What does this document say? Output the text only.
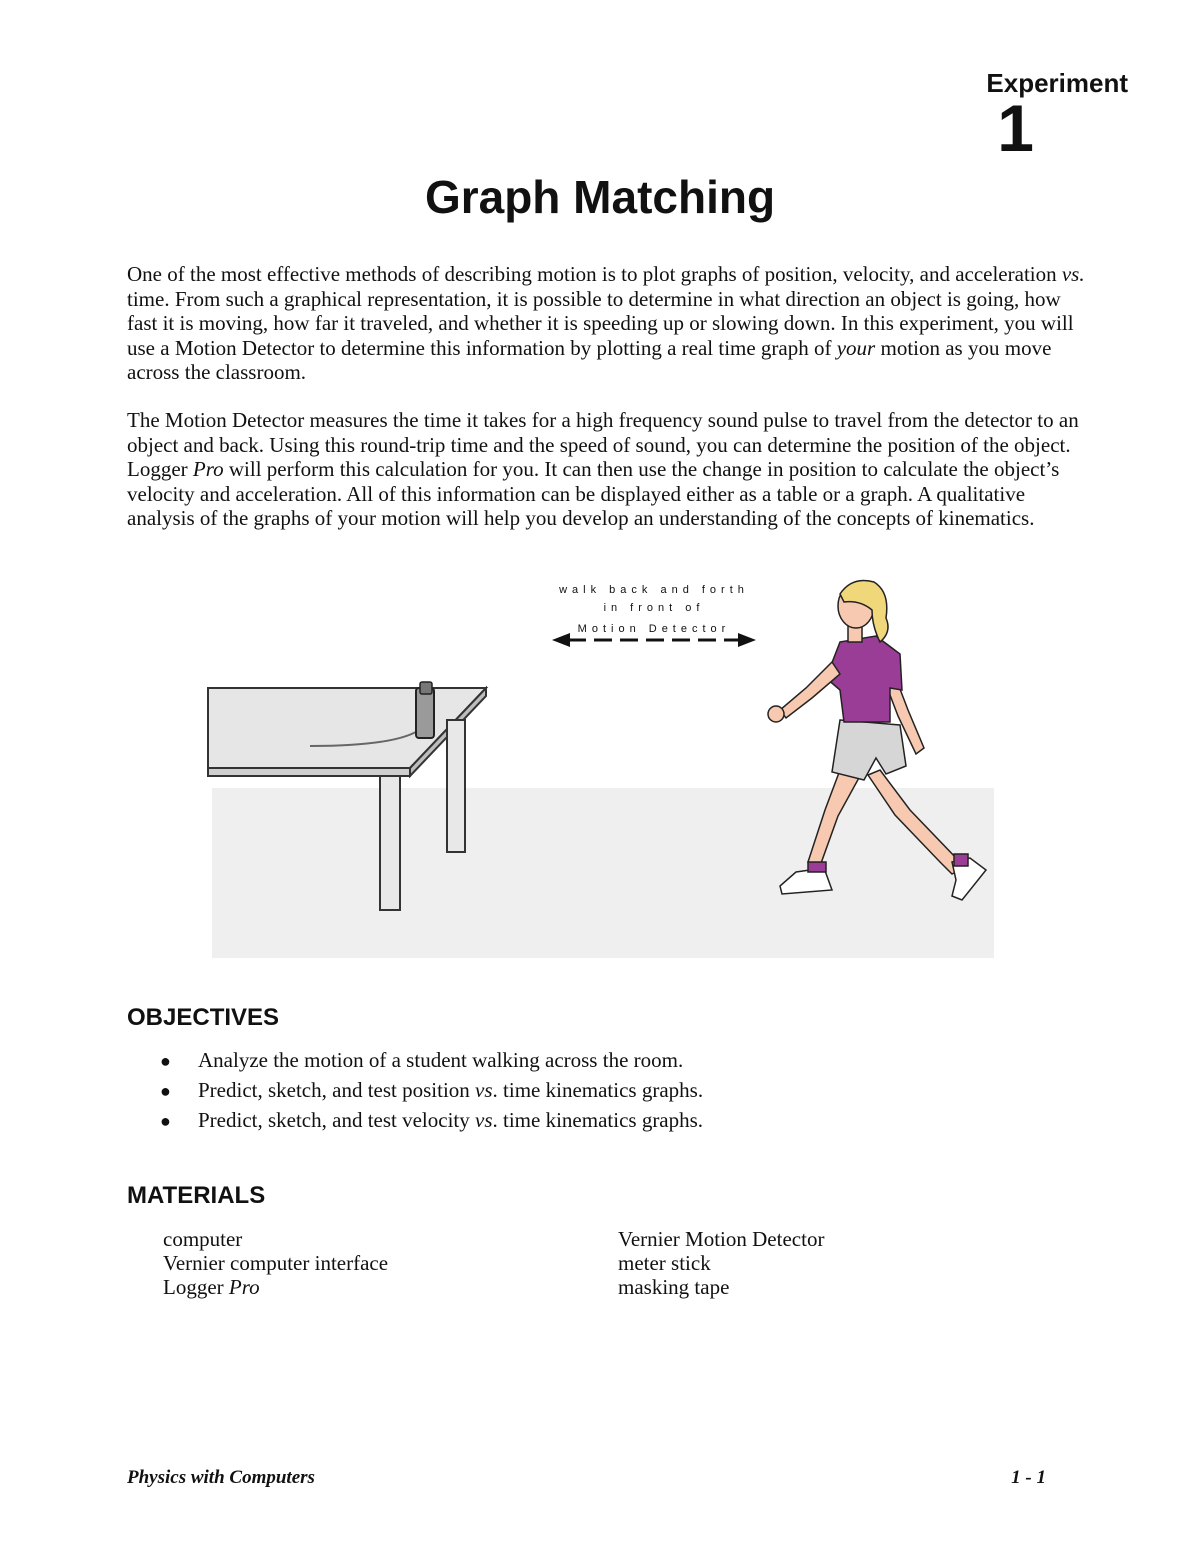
Experiment
1
Graph Matching

One of the most effective methods of describing motion is to plot graphs of position, velocity, and acceleration vs. time. From such a graphical representation, it is possible to determine in what direction an object is going, how fast it is moving, how far it traveled, and whether it is speeding up or slowing down. In this experiment, you will use a Motion Detector to determine this information by plotting a real time graph of your motion as you move across the classroom.

The Motion Detector measures the time it takes for a high frequency sound pulse to travel from the detector to an object and back. Using this round-trip time and the speed of sound, you can determine the position of the object. Logger Pro will perform this calculation for you. It can then use the change in position to calculate the object’s velocity and acceleration. All of this information can be displayed either as a table or a graph. A qualitative analysis of the graphs of your motion will help you develop an understanding of the concepts of kinematics.

walk back and forth
in front of
Motion Detector
OBJECTIVES
● Analyze the motion of a student walking across the room.
● Predict, sketch, and test position vs. time kinematics graphs.
● Predict, sketch, and test velocity vs. time kinematics graphs.
MATERIALS
computer
Vernier computer interface
Logger Pro
Vernier Motion Detector
meter stick
masking tape
Physics with Computers	1 - 1
